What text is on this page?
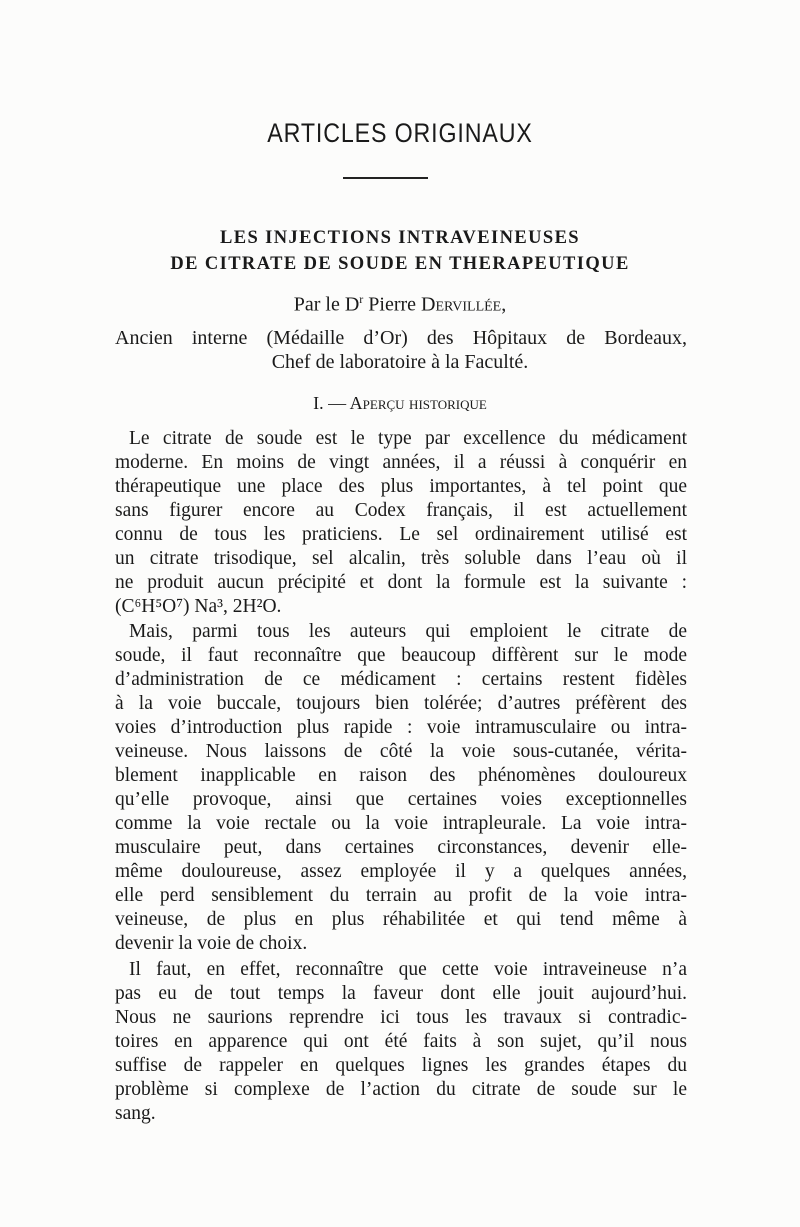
ARTICLES ORIGINAUX
LES INJECTIONS INTRAVEINEUSES
DE CITRATE DE SOUDE EN THERAPEUTIQUE
Par le $D^r$ Pierre Dervillée,
Ancien interne (Médaille d’Or) des Hôpitaux de Bordeaux,
Chef de laboratoire à la Faculté.
I. — Aperçu historique
Le citrate de soude est le type par excellence du médicament
moderne. En moins de vingt années, il a réussi à conquérir en
thérapeutique une place des plus importantes, à tel point que
sans figurer encore au Codex français, il est actuellement
connu de tous les praticiens. Le sel ordinairement utilisé est
un citrate trisodique, sel alcalin, très soluble dans l’eau où il
ne produit aucun précipité et dont la formule est la suivante :
(C⁶H⁵O⁷) Na³, 2H²O.
Mais, parmi tous les auteurs qui emploient le citrate de
soude, il faut reconnaître que beaucoup diffèrent sur le mode
d’administration de ce médicament : certains restent fidèles
à la voie buccale, toujours bien tolérée; d’autres préfèrent des
voies d’introduction plus rapide : voie intramusculaire ou intra-
veineuse. Nous laissons de côté la voie sous-cutanée, vérita-
blement inapplicable en raison des phénomènes douloureux
qu’elle provoque, ainsi que certaines voies exceptionnelles
comme la voie rectale ou la voie intrapleurale. La voie intra-
musculaire peut, dans certaines circonstances, devenir elle-
même douloureuse, assez employée il y a quelques années,
elle perd sensiblement du terrain au profit de la voie intra-
veineuse, de plus en plus réhabilitée et qui tend même à
devenir la voie de choix.
Il faut, en effet, reconnaître que cette voie intraveineuse n’a
pas eu de tout temps la faveur dont elle jouit aujourd’hui.
Nous ne saurions reprendre ici tous les travaux si contradic-
toires en apparence qui ont été faits à son sujet, qu’il nous
suffise de rappeler en quelques lignes les grandes étapes du
problème si complexe de l’action du citrate de soude sur le
sang.
